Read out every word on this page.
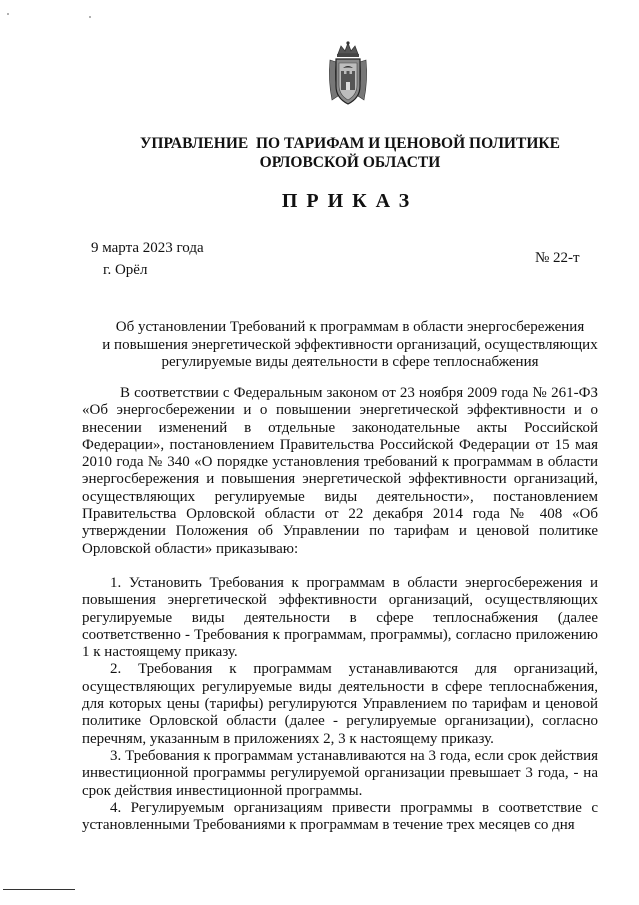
УПРАВЛЕНИЕ  ПО ТАРИФАМ И ЦЕНОВОЙ ПОЛИТИКЕ
ОРЛОВСКОЙ ОБЛАСТИ
ПРИКАЗ
9 марта 2023 года
г. Орёл
№ 22-т
Об установлении Требований к программам в области энергосбережения
и повышения энергетической эффективности организаций, осуществляющих
регулируемые виды деятельности в сфере теплоснабжения

В соответствии с Федеральным законом от 23 ноября 2009 года № 261-ФЗ «Об энергосбережении и о повышении энергетической эффективности и о внесении изменений в отдельные законодательные акты Российской Федерации», постановлением Правительства Российской Федерации от 15 мая 2010 года № 340 «О порядке установления требований к программам в области энергосбережения и повышения энергетической эффективности организаций, осуществляющих регулируемые виды деятельности», постановлением Правительства Орловской области от 22 декабря 2014 года № 408 «Об утверждении Положения об Управлении по тарифам и ценовой политике Орловской области» приказываю:

1. Установить Требования к программам в области энергосбережения и повышения энергетической эффективности организаций, осуществляющих регулируемые виды деятельности в сфере теплоснабжения (далее соответственно - Требования к программам, программы), согласно приложению 1 к настоящему приказу.

2. Требования к программам устанавливаются для организаций, осуществляющих регулируемые виды деятельности в сфере теплоснабжения, для которых цены (тарифы) регулируются Управлением по тарифам и ценовой политике Орловской области (далее - регулируемые организации), согласно перечням, указанным в приложениях 2, 3 к настоящему приказу.

3. Требования к программам устанавливаются на 3 года, если срок действия инвестиционной программы регулируемой организации превышает 3 года, - на срок действия инвестиционной программы.

4. Регулируемым организациям привести программы в соответствие с установленными Требованиями к программам в течение трех месяцев со дня
